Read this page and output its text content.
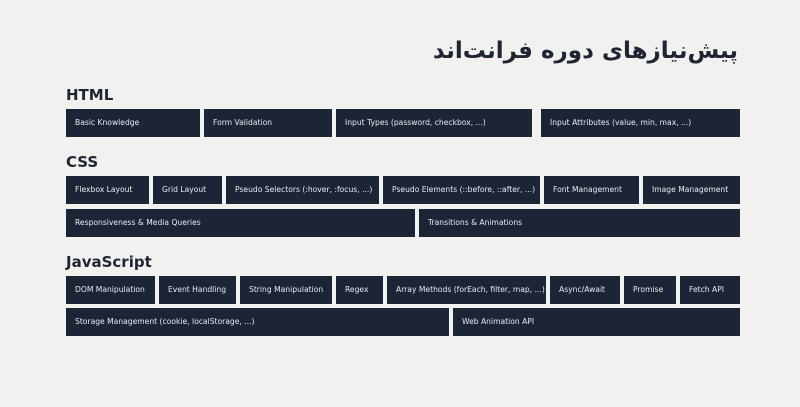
پیش‌نیازهای دوره فرانت‌اند
HTML
Basic Knowledge	Form Validation	Input Types (password, checkbox, ...)	Input Attributes (value, min, max, ...)
CSS
Flexbox Layout	Grid Layout	Pseudo Selectors (:hover, :focus, ...)	Pseudo Elements (::before, ::after, ...)	Font Management	Image Management
Responsiveness & Media Queries	Transitions & Animations
JavaScript
DOM Manipulation	Event Handling	String Manipulation	Regex	Array Methods (forEach, filter, map, ...)	Async/Await	Promise	Fetch API
Storage Management (cookie, localStorage, ...)	Web Animation API
